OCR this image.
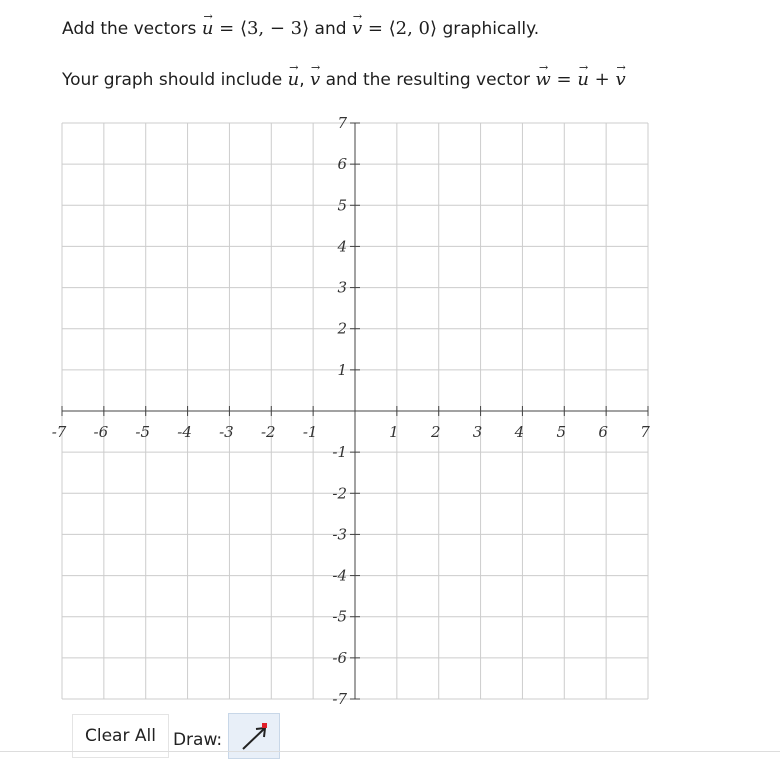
Add the vectors u → = ⟨3, − 3⟩ and v → = ⟨2, 0⟩ graphically.
Your graph should include u →, v → and the resulting vector w → = u → + v →
-7 -6 -5 -4 -3 -2 -1	1 2 3 4 5 6 7
7
6
5
4
3
2
1
-1
-2
-3
-4
-5
-6
-7
Clear All	Draw:
